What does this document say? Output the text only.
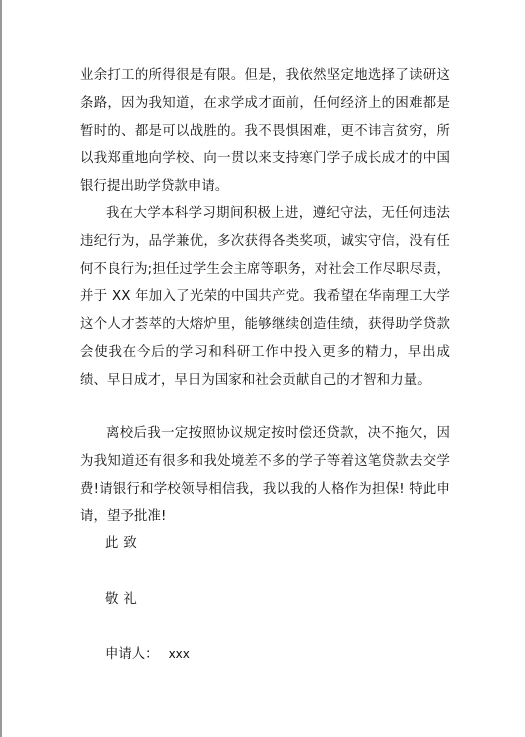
业余打工的所得很是有限。但是，我依然坚定地选择了读研这条路，因为我知道，在求学成才面前，任何经济上的困难都是暂时的、都是可以战胜的。我不畏惧困难，更不讳言贫穷，所以我郑重地向学校、向一贯以来支持寒门学子成长成才的中国银行提出助学贷款申请。

我在大学本科学习期间积极上进，遵纪守法，无任何违法违纪行为，品学兼优，多次获得各类奖项，诚实守信，没有任何不良行为;担任过学生会主席等职务，对社会工作尽职尽责，并于 XX 年加入了光荣的中国共产党。我希望在华南理工大学这个人才荟萃的大熔炉里，能够继续创造佳绩，获得助学贷款会使我在今后的学习和科研工作中投入更多的精力，早出成绩、早日成才，早日为国家和社会贡献自己的才智和力量。

离校后我一定按照协议规定按时偿还贷款，决不拖欠，因为我知道还有很多和我处境差不多的学子等着这笔贷款去交学费!请银行和学校领导相信我，我以我的人格作为担保! 特此申请，望予批准!

此致

敬礼

申请人： xxx
